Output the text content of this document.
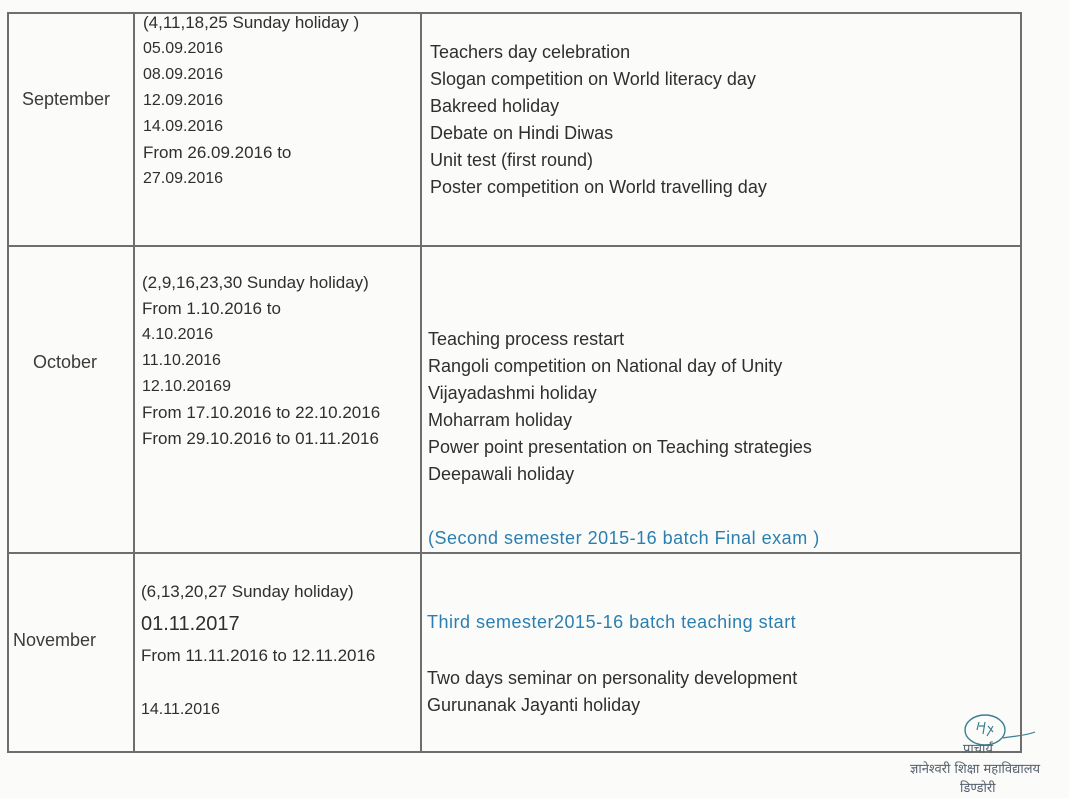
September
(4,11,18,25 Sunday holiday )
05.09.2016
08.09.2016
12.09.2016
14.09.2016
From 26.09.2016 to
27.09.2016
Teachers day celebration
Slogan competition on World literacy day
Bakreed holiday
Debate on Hindi Diwas
Unit test (first round)
Poster competition on World travelling day
October
(2,9,16,23,30 Sunday holiday)
From 1.10.2016 to
4.10.2016
11.10.2016
12.10.20169
From 17.10.2016 to 22.10.2016
From 29.10.2016 to 01.11.2016
Teaching process restart
Rangoli competition on National day of Unity
Vijayadashmi holiday
Moharram holiday
Power point presentation on Teaching strategies
Deepawali holiday
(Second semester 2015-16 batch Final exam )
November
(6,13,20,27 Sunday holiday)
01.11.2017
From 11.11.2016 to 12.11.2016
14.11.2016
Third semester2015-16 batch teaching start
Two days seminar on personality development
Gurunanak Jayanti holiday
प्राचार्य
ज्ञानेश्वरी शिक्षा महाविद्यालय
डिण्डोरी
